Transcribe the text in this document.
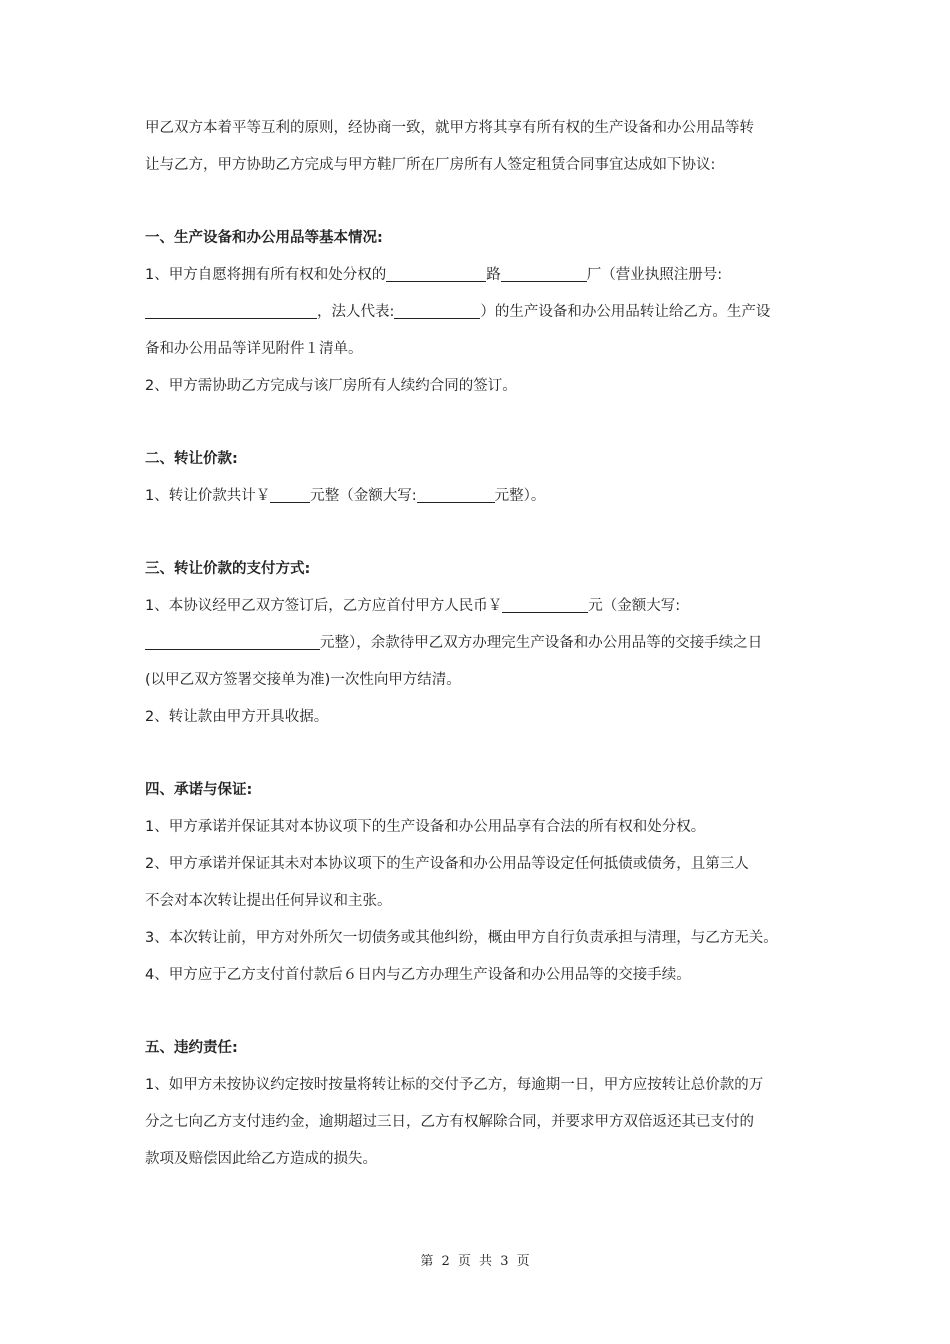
甲乙双方本着平等互利的原则，经协商一致，就甲方将其享有所有权的生产设备和办公用品等转
让与乙方，甲方协助乙方完成与甲方鞋厂所在厂房所有人签定租赁合同事宜达成如下协议:
一、生产设备和办公用品等基本情况:
1、甲方自愿将拥有所有权和处分权的	路	厂（营业执照注册号:
，法人代表:	）的生产设备和办公用品转让给乙方。生产设
备和办公用品等详见附件１清单。
2、甲方需协助乙方完成与该厂房所有人续约合同的签订。
二、转让价款:
1、转让价款共计￥	元整（金额大写:	元整）。
三、转让价款的支付方式:
1、本协议经甲乙双方签订后，乙方应首付甲方人民币￥	元（金额大写:
元整），余款待甲乙双方办理完生产设备和办公用品等的交接手续之日
(以甲乙双方签署交接单为准)一次性向甲方结清。
2、转让款由甲方开具收据。
四、承诺与保证:
1、甲方承诺并保证其对本协议项下的生产设备和办公用品享有合法的所有权和处分权。
2、甲方承诺并保证其未对本协议项下的生产设备和办公用品等设定任何抵债或债务，且第三人
不会对本次转让提出任何异议和主张。
3、本次转让前，甲方对外所欠一切债务或其他纠纷，概由甲方自行负责承担与清理，与乙方无关。
4、甲方应于乙方支付首付款后６日内与乙方办理生产设备和办公用品等的交接手续。
五、违约责任:
1、如甲方未按协议约定按时按量将转让标的交付予乙方，每逾期一日，甲方应按转让总价款的万
分之七向乙方支付违约金，逾期超过三日，乙方有权解除合同，并要求甲方双倍返还其已支付的
款项及赔偿因此给乙方造成的损失。
第 2 页 共 3 页
